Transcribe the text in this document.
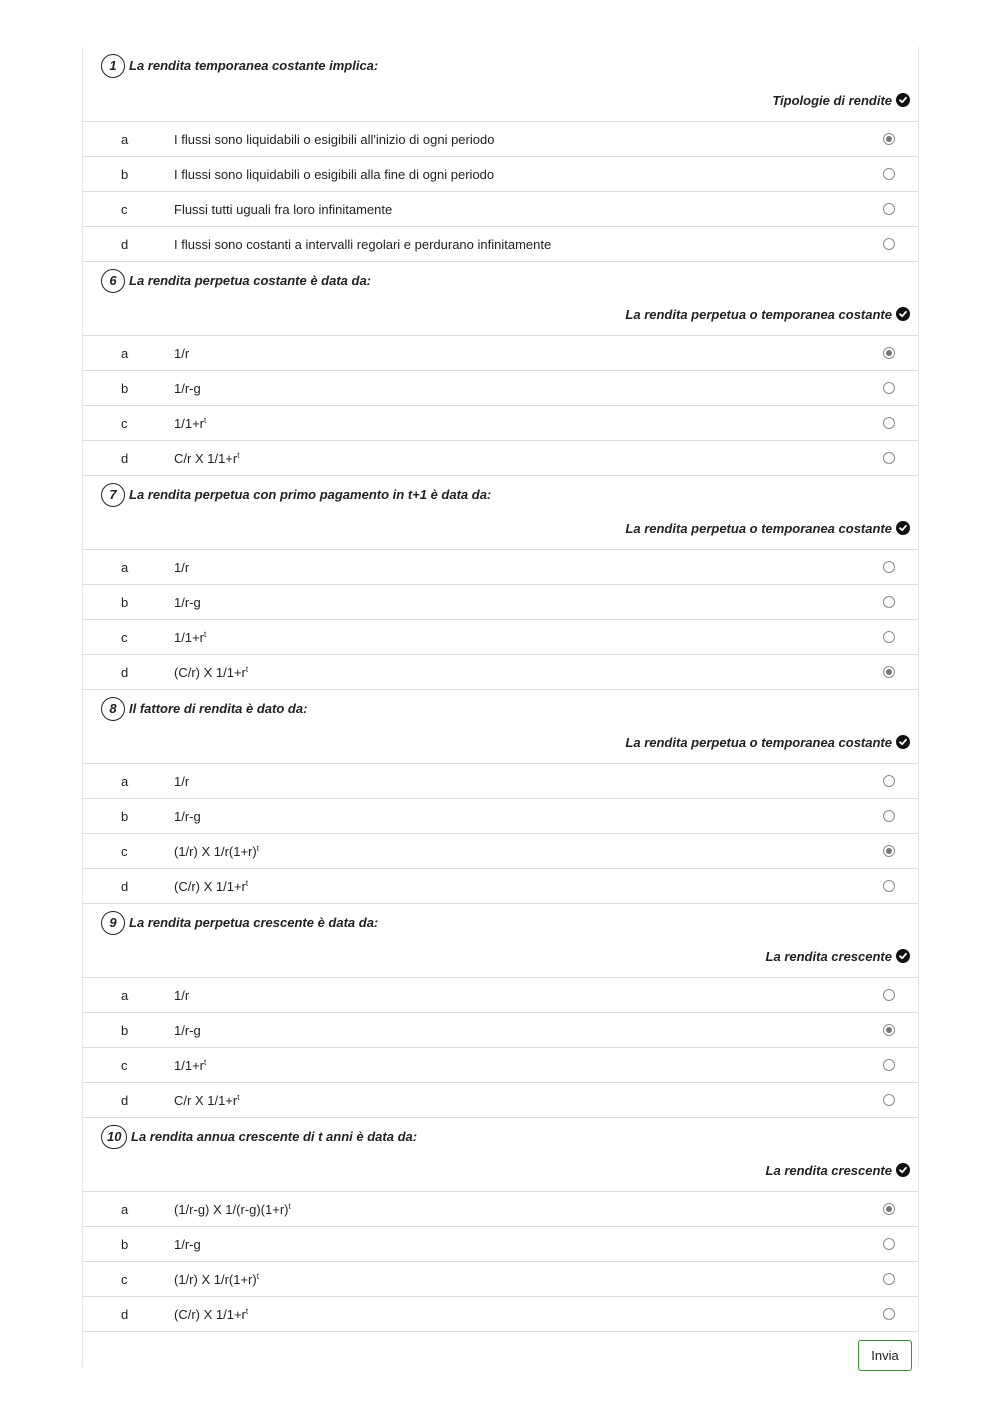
1 La rendita temporanea costante implica:
Tipologie di rendite
a	I flussi sono liquidabili o esigibili all'inizio di ogni periodo
b	I flussi sono liquidabili o esigibili alla fine di ogni periodo
c	Flussi tutti uguali fra loro infinitamente
d	I flussi sono costanti a intervalli regolari e perdurano infinitamente
6 La rendita perpetua costante è data da:
La rendita perpetua o temporanea costante
a	1/r
b	1/r-g
c	$1/1+r^t$
d	C/r X $1/1+r^t$
7 La rendita perpetua con primo pagamento in t+1 è data da:
La rendita perpetua o temporanea costante
a	1/r
b	1/r-g
c	$1/1+r^t$
d	(C/r) X $1/1+r^t$
8 Il fattore di rendita è dato da:
La rendita perpetua o temporanea costante
a	1/r
b	1/r-g
c	(1/r) X $1/r(1+r)^t$
d	(C/r) X $1/1+r^t$
9 La rendita perpetua crescente è data da:
La rendita crescente
a	1/r
b	1/r-g
c	$1/1+r^t$
d	C/r X $1/1+r^t$
10 La rendita annua crescente di t anni è data da:
La rendita crescente
a	(1/r-g) X $1/(r-g)(1+r)^t$
b	1/r-g
c	(1/r) X $1/r(1+r)^t$
d	(C/r) X $1/1+r^t$
Invia
